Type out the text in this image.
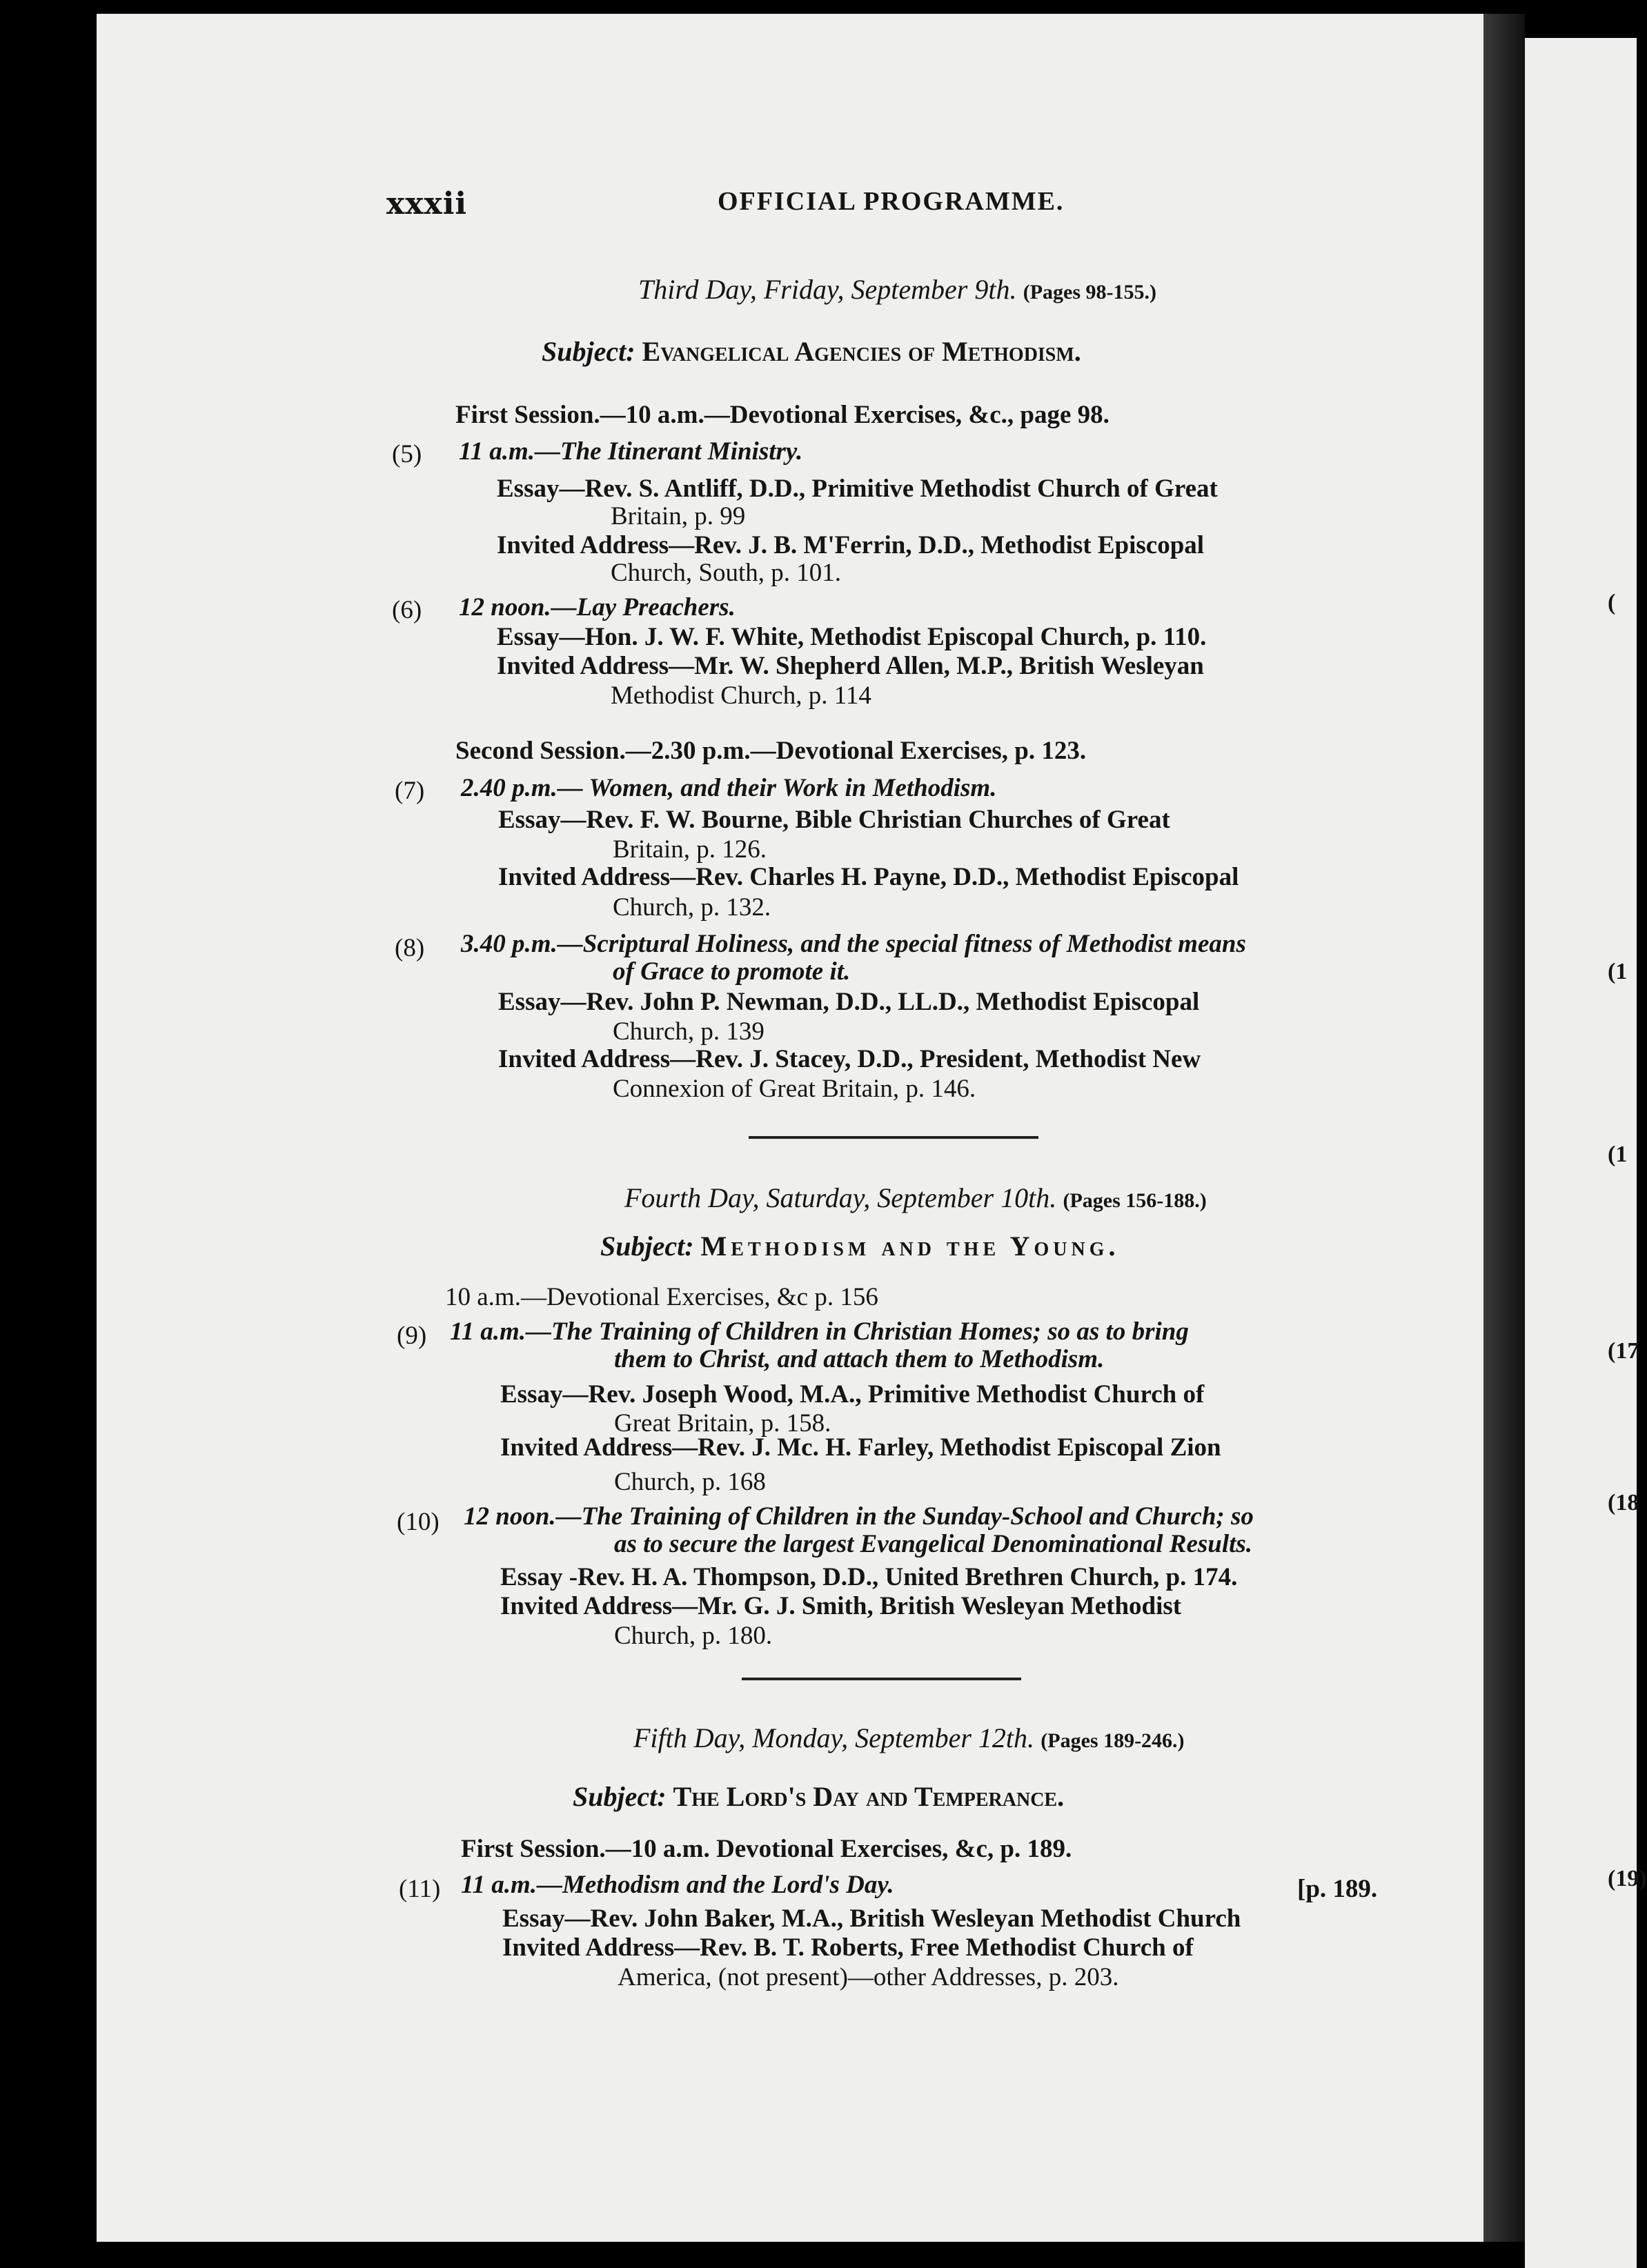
(
(1
(1
(17
(18
(19)
xxxii	OFFICIAL PROGRAMME.
Third Day, Friday, September 9th. (Pages 98-155.)
Subject: Evangelical Agencies of Methodism.
First Session.—10 a.m.—Devotional Exercises, &c., page 98.
(5) 11 a.m.—The Itinerant Ministry.
Essay—Rev. S. Antliff, D.D., Primitive Methodist Church of Great
Britain, p. 99
Invited Address—Rev. J. B. M'Ferrin, D.D., Methodist Episcopal
Church, South, p. 101.
(6) 12 noon.—Lay Preachers.
Essay—Hon. J. W. F. White, Methodist Episcopal Church, p. 110.
Invited Address—Mr. W. Shepherd Allen, M.P., British Wesleyan
Methodist Church, p. 114
Second Session.—2.30 p.m.—Devotional Exercises, p. 123.
(7) 2.40 p.m.— Women, and their Work in Methodism.
Essay—Rev. F. W. Bourne, Bible Christian Churches of Great
Britain, p. 126.
Invited Address—Rev. Charles H. Payne, D.D., Methodist Episcopal
Church, p. 132.
(8) 3.40 p.m.—Scriptural Holiness, and the special fitness of Methodist means
of Grace to promote it.
Essay—Rev. John P. Newman, D.D., LL.D., Methodist Episcopal
Church, p. 139
Invited Address—Rev. J. Stacey, D.D., President, Methodist New
Connexion of Great Britain, p. 146.
Fourth Day, Saturday, September 10th. (Pages 156-188.)
Subject: Methodism and the Young.
10 a.m.—Devotional Exercises, &c p. 156
(9) 11 a.m.—The Training of Children in Christian Homes; so as to bring
them to Christ, and attach them to Methodism.
Essay—Rev. Joseph Wood, M.A., Primitive Methodist Church of
Great Britain, p. 158.
Invited Address—Rev. J. Mc. H. Farley, Methodist Episcopal Zion
Church, p. 168
(10) 12 noon.—The Training of Children in the Sunday-School and Church; so
as to secure the largest Evangelical Denominational Results.
Essay -Rev. H. A. Thompson, D.D., United Brethren Church, p. 174.
Invited Address—Mr. G. J. Smith, British Wesleyan Methodist
Church, p. 180.
Fifth Day, Monday, September 12th. (Pages 189-246.)
Subject: The Lord's Day and Temperance.
First Session.—10 a.m. Devotional Exercises, &c, p. 189.
(11) 11 a.m.—Methodism and the Lord's Day.	[p. 189.
Essay—Rev. John Baker, M.A., British Wesleyan Methodist Church
Invited Address—Rev. B. T. Roberts, Free Methodist Church of
America, (not present)—other Addresses, p. 203.
